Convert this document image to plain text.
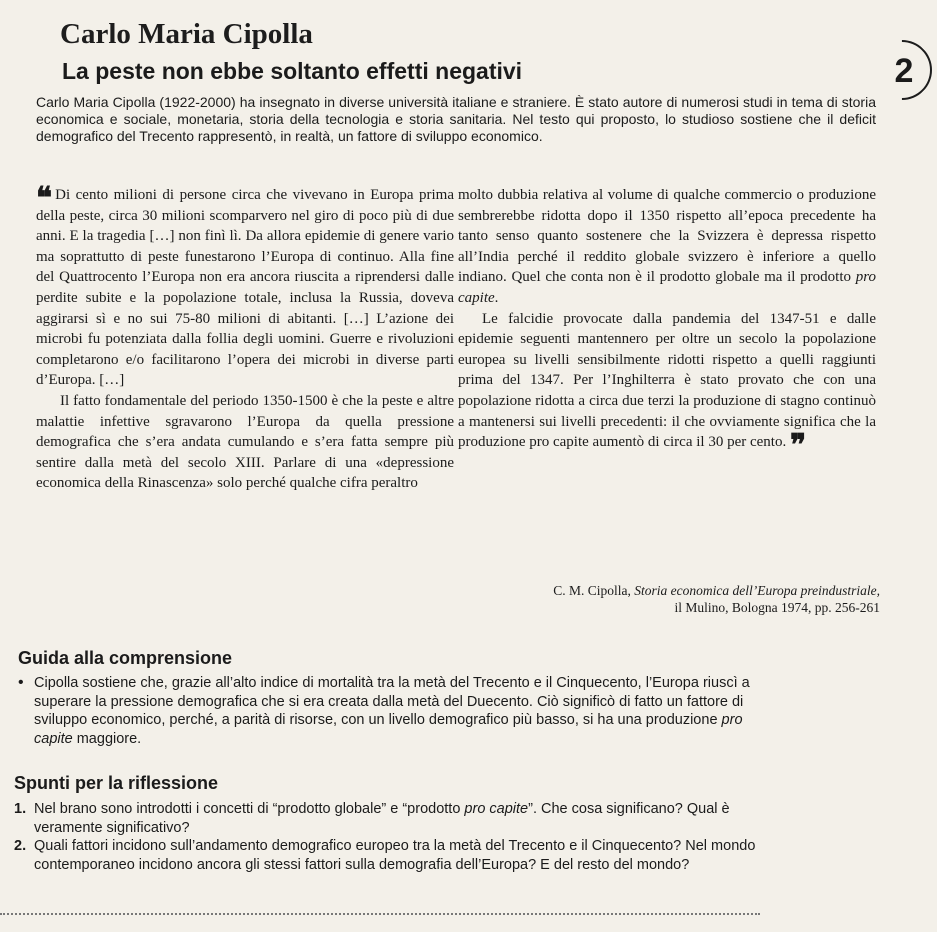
Carlo Maria Cipolla
La peste non ebbe soltanto effetti negativi	2
Carlo Maria Cipolla (1922-2000) ha insegnato in diverse università italiane e straniere. È stato autore di numerosi studi in tema di storia economica e sociale, monetaria, storia della tecnologia e storia sanitaria. Nel testo qui proposto, lo studioso sostiene che il deficit demografico del Trecento rappresentò, in realtà, un fattore di sviluppo economico.

❝ Di cento milioni di persone circa che vivevano in Europa prima della peste, circa 30 milioni scomparvero nel giro di poco più di due anni. E la tragedia […] non finì lì. Da allora epidemie di genere vario ma soprattutto di peste funestarono l’Europa di continuo. Alla fine del Quattrocento l’Europa non era ancora riuscita a riprendersi dalle perdite subite e la popolazione totale, inclusa la Russia, doveva aggirarsi sì e no sui 75-80 milioni di abitanti. […] L’azione dei microbi fu potenziata dalla follia degli uomini. Guerre e rivoluzioni completarono e/o facilitarono l’opera dei microbi in diverse parti d’Europa. […]

Il fatto fondamentale del periodo 1350-1500 è che la peste e altre malattie infettive sgravarono l’Europa da quella pressione demografica che s’era andata cumulando e s’era fatta sempre più sentire dalla metà del secolo XIII. Parlare di una «depressione economica della Rinascenza» solo perché qualche cifra peraltro

molto dubbia relativa al volume di qualche commercio o produzione sembrerebbe ridotta dopo il 1350 rispetto all’epoca precedente ha tanto senso quanto sostenere che la Svizzera è depressa rispetto all’India perché il reddito globale svizzero è inferiore a quello indiano. Quel che conta non è il prodotto globale ma il prodotto pro capite.

Le falcidie provocate dalla pandemia del 1347-51 e dalle epidemie seguenti mantennero per oltre un secolo la popolazione europea su livelli sensibilmente ridotti rispetto a quelli raggiunti prima del 1347. Per l’Inghilterra è stato provato che con una popolazione ridotta a circa due terzi la produzione di stagno continuò a mantenersi sui livelli precedenti: il che ovviamente significa che la produzione pro capite aumentò di circa il 30 per cento. ❞

C. M. Cipolla, Storia economica dell’Europa preindustriale,
il Mulino, Bologna 1974, pp. 256-261
Guida alla comprensione
• Cipolla sostiene che, grazie all’alto indice di mortalità tra la metà del Trecento e il Cinquecento, l’Europa riuscì a superare la pressione demografica che si era creata dalla metà del Duecento. Ciò significò di fatto un fattore di sviluppo economico, perché, a parità di risorse, con un livello demografico più basso, si ha una produzione pro capite maggiore.
Spunti per la riflessione
1. Nel brano sono introdotti i concetti di “prodotto globale” e “prodotto pro capite”. Che cosa significano? Qual è veramente significativo?
2. Quali fattori incidono sull’andamento demografico europeo tra la metà del Trecento e il Cinquecento? Nel mondo contemporaneo incidono ancora gli stessi fattori sulla demografia dell’Europa? E del resto del mondo?
